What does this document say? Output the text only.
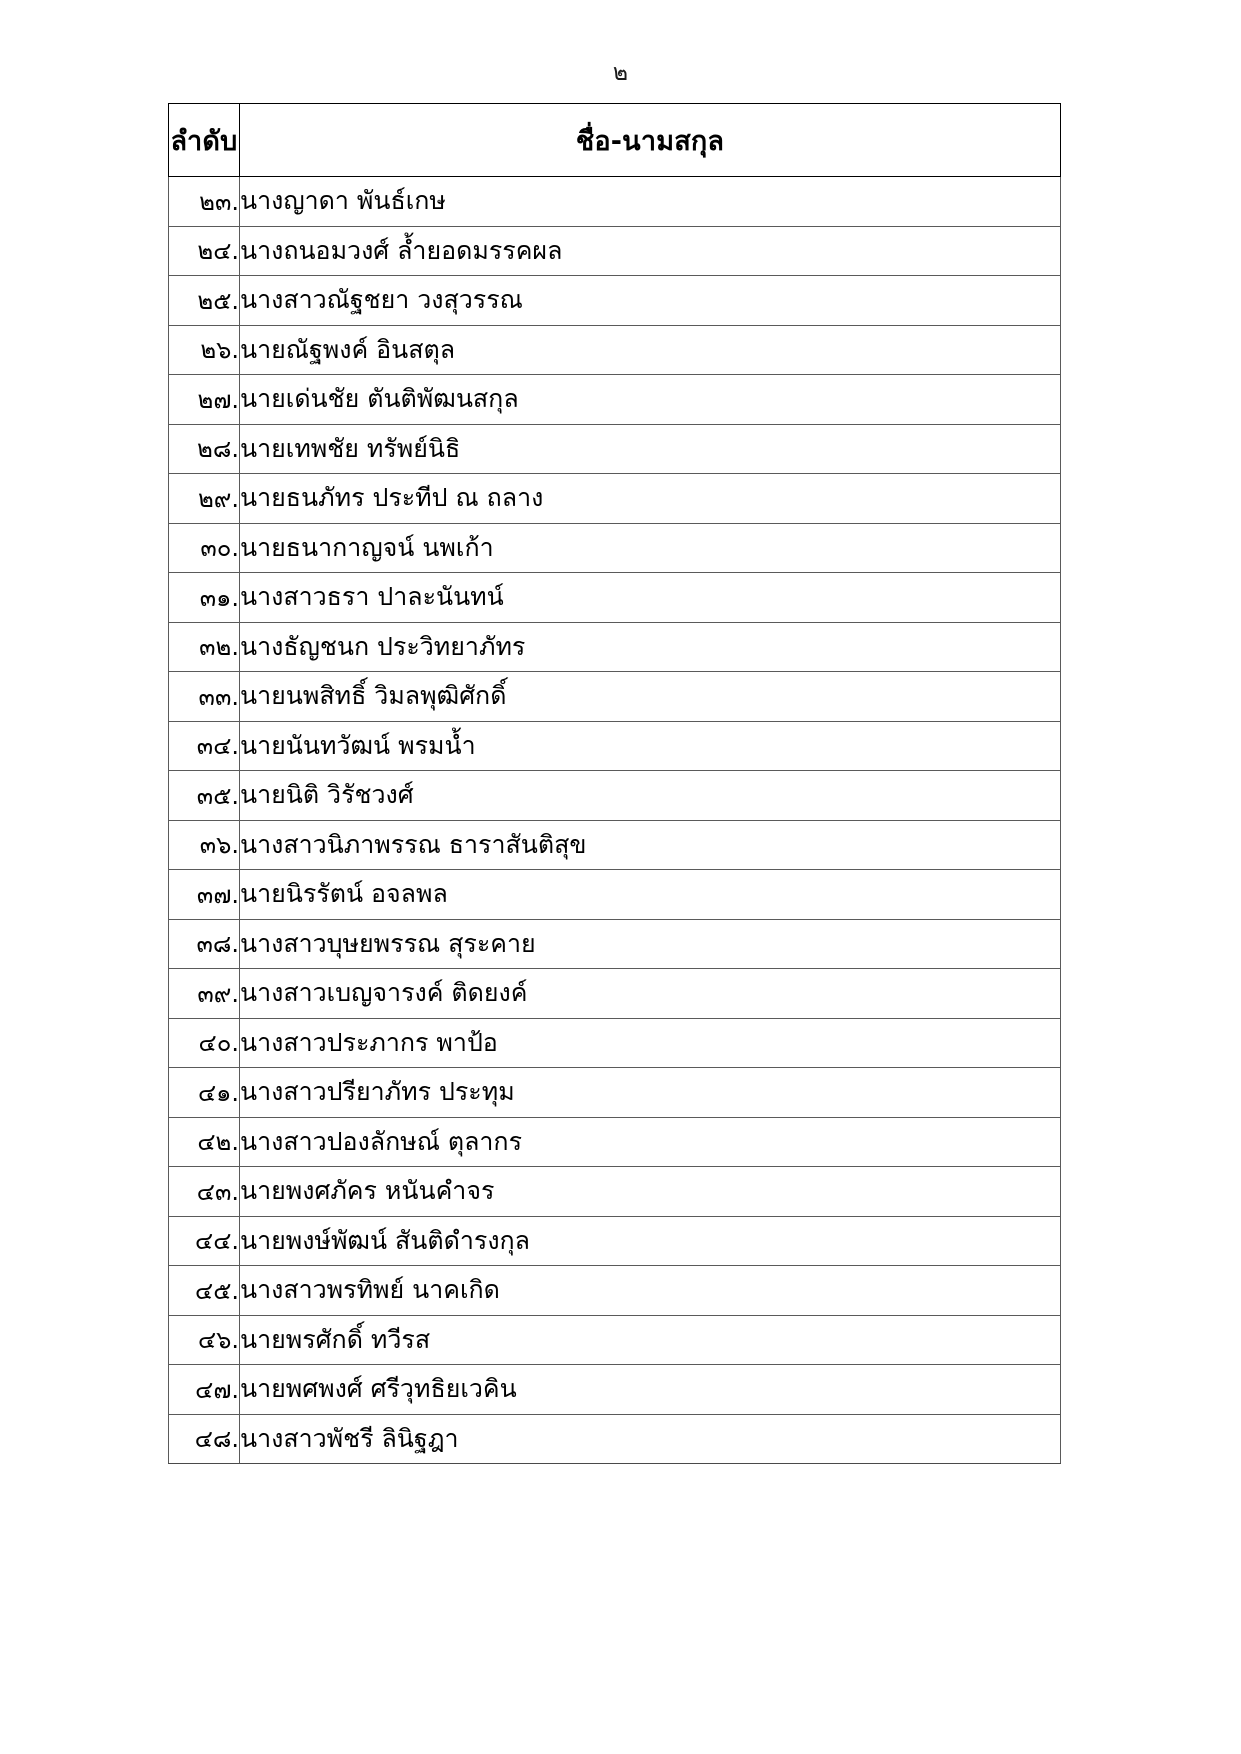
๒
ลำดับ	ชื่อ-นามสกุล
๒๓.	นางญาดา พันธ์เกษ
๒๔.	นางถนอมวงศ์ ล้ำยอดมรรคผล
๒๕.	นางสาวณัฐชยา วงสุวรรณ
๒๖.	นายณัฐพงค์ อินสตุล
๒๗.	นายเด่นชัย ตันติพัฒนสกุล
๒๘.	นายเทพชัย ทรัพย์นิธิ
๒๙.	นายธนภัทร ประทีป ณ ถลาง
๓๐.	นายธนากาญจน์ นพเก้า
๓๑.	นางสาวธรา ปาละนันทน์
๓๒.	นางธัญชนก ประวิทยาภัทร
๓๓.	นายนพสิทธิ์ วิมลพุฒิศักดิ์
๓๔.	นายนันทวัฒน์ พรมน้ำ
๓๕.	นายนิติ วิรัชวงศ์
๓๖.	นางสาวนิภาพรรณ ธาราสันติสุข
๓๗.	นายนิรรัตน์ อจลพล
๓๘.	นางสาวบุษยพรรณ สุระคาย
๓๙.	นางสาวเบญจารงค์ ติดยงค์
๔๐.	นางสาวประภากร พาป้อ
๔๑.	นางสาวปรียาภัทร ประทุม
๔๒.	นางสาวปองลักษณ์ ตุลากร
๔๓.	นายพงศภัคร หนันคำจร
๔๔.	นายพงษ์พัฒน์ สันติดำรงกุล
๔๕.	นางสาวพรทิพย์ นาคเกิด
๔๖.	นายพรศักดิ์ ทวีรส
๔๗.	นายพศพงศ์ ศรีวุทธิยเวคิน
๔๘.	นางสาวพัชรี ลินิฐฎา
